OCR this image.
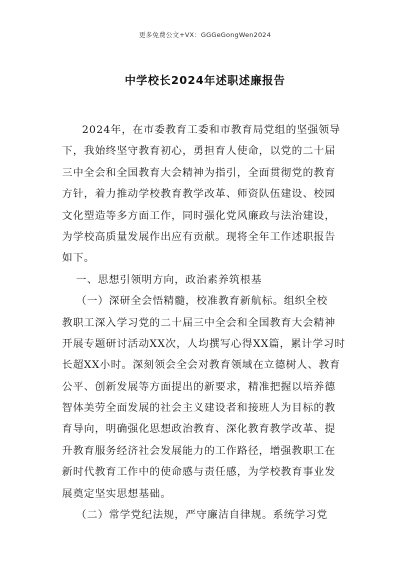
更多免费公文+VX：GGGeGongWen2024
中学校长2024年述职述廉报告
2024年，在市委教育工委和市教育局党组的坚强领导
下，我始终坚守教育初心，勇担育人使命，以党的二十届
三中全会和全国教育大会精神为指引，全面贯彻党的教育
方针，着力推动学校教育教学改革、师资队伍建设、校园
文化塑造等多方面工作，同时强化党风廉政与法治建设，
为学校高质量发展作出应有贡献。现将全年工作述职报告
如下。
一、思想引领明方向，政治素养筑根基
（一）深研全会悟精髓，校准教育新航标。组织全校
教职工深入学习党的二十届三中全会和全国教育大会精神
开展专题研讨活动XX次，人均撰写心得XX篇，累计学习时
长超XX小时。深刻领会全会对教育领域在立德树人、教育
公平、创新发展等方面提出的新要求，精准把握以培养德
智体美劳全面发展的社会主义建设者和接班人为目标的教
育导向，明确强化思想政治教育、深化教育教学改革、提
升教育服务经济社会发展能力的工作路径，增强教职工在
新时代教育工作中的使命感与责任感，为学校教育事业发
展奠定坚实思想基础。
（二）常学党纪法规，严守廉洁自律规。系统学习党
